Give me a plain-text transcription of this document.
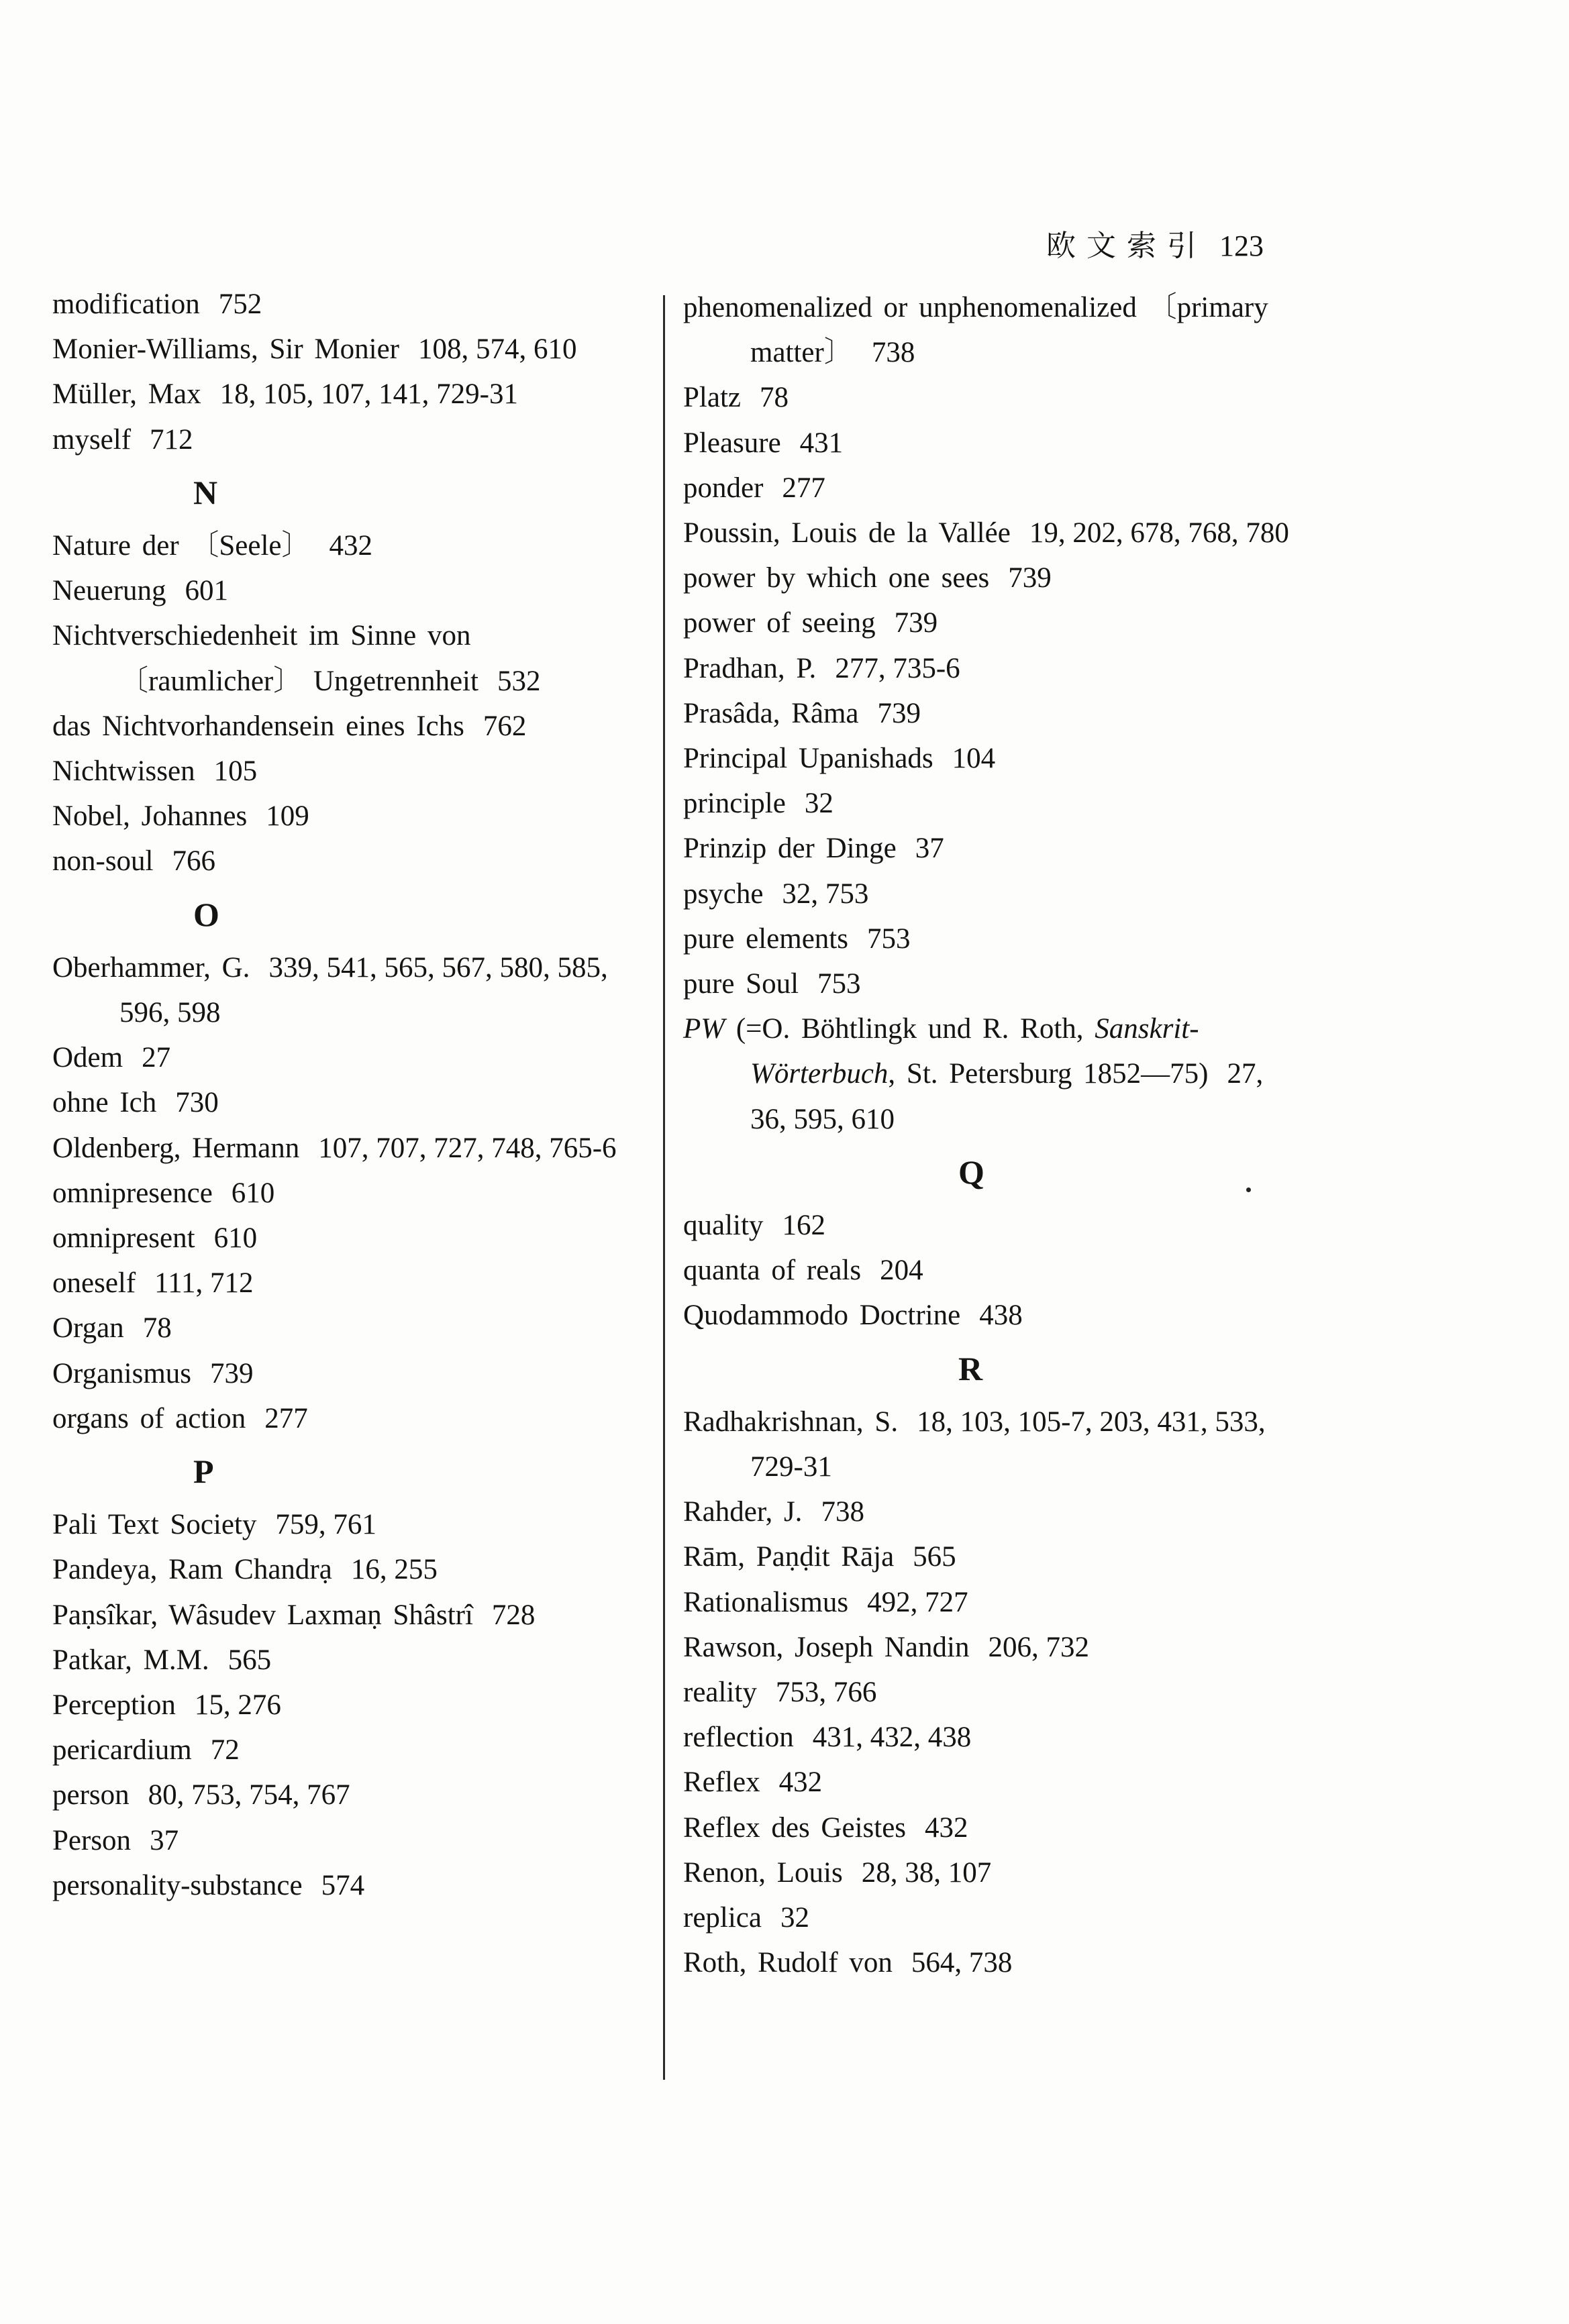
欧文索引 123
modification 752
Monier-Williams, Sir Monier 108, 574, 610
Müller, Max 18, 105, 107, 141, 729-31
myself 712
N
Nature der 〔Seele〕 432
Neuerung 601
Nichtverschiedenheit im Sinne von 〔raumlicher〕 Ungetrennheit 532
das Nichtvorhandensein eines Ichs 762
Nichtwissen 105
Nobel, Johannes 109
non-soul 766
O
Oberhammer, G. 339, 541, 565, 567, 580, 585, 596, 598
Odem 27
ohne Ich 730
Oldenberg, Hermann 107, 707, 727, 748, 765-6
omnipresence 610
omnipresent 610
oneself 111, 712
Organ 78
Organismus 739
organs of action 277
P
Pali Text Society 759, 761
Pandeya, Ram Chandrạ 16, 255
Paṇsîkar, Wâsudev Laxmaṇ Shâstrî 728
Patkar, M.M. 565
Perception 15, 276
pericardium 72
person 80, 753, 754, 767
Person 37
personality-substance 574
phenomenalized or unphenomenalized 〔primary matter〕 738
Platz 78
Pleasure 431
ponder 277
Poussin, Louis de la Vallée 19, 202, 678, 768, 780
power by which one sees 739
power of seeing 739
Pradhan, P. 277, 735-6
Prasâda, Râma 739
Principal Upanishads 104
principle 32
Prinzip der Dinge 37
psyche 32, 753
pure elements 753
pure Soul 753
PW (=O. Böhtlingk und R. Roth, Sanskrit-Wörterbuch, St. Petersburg 1852—75) 27, 36, 595, 610
Q
quality 162
quanta of reals 204
Quodammodo Doctrine 438
R
Radhakrishnan, S. 18, 103, 105-7, 203, 431, 533, 729-31
Rahder, J. 738
Rām, Paṇḍit Rāja 565
Rationalismus 492, 727
Rawson, Joseph Nandin 206, 732
reality 753, 766
reflection 431, 432, 438
Reflex 432
Reflex des Geistes 432
Renon, Louis 28, 38, 107
replica 32
Roth, Rudolf von 564, 738
